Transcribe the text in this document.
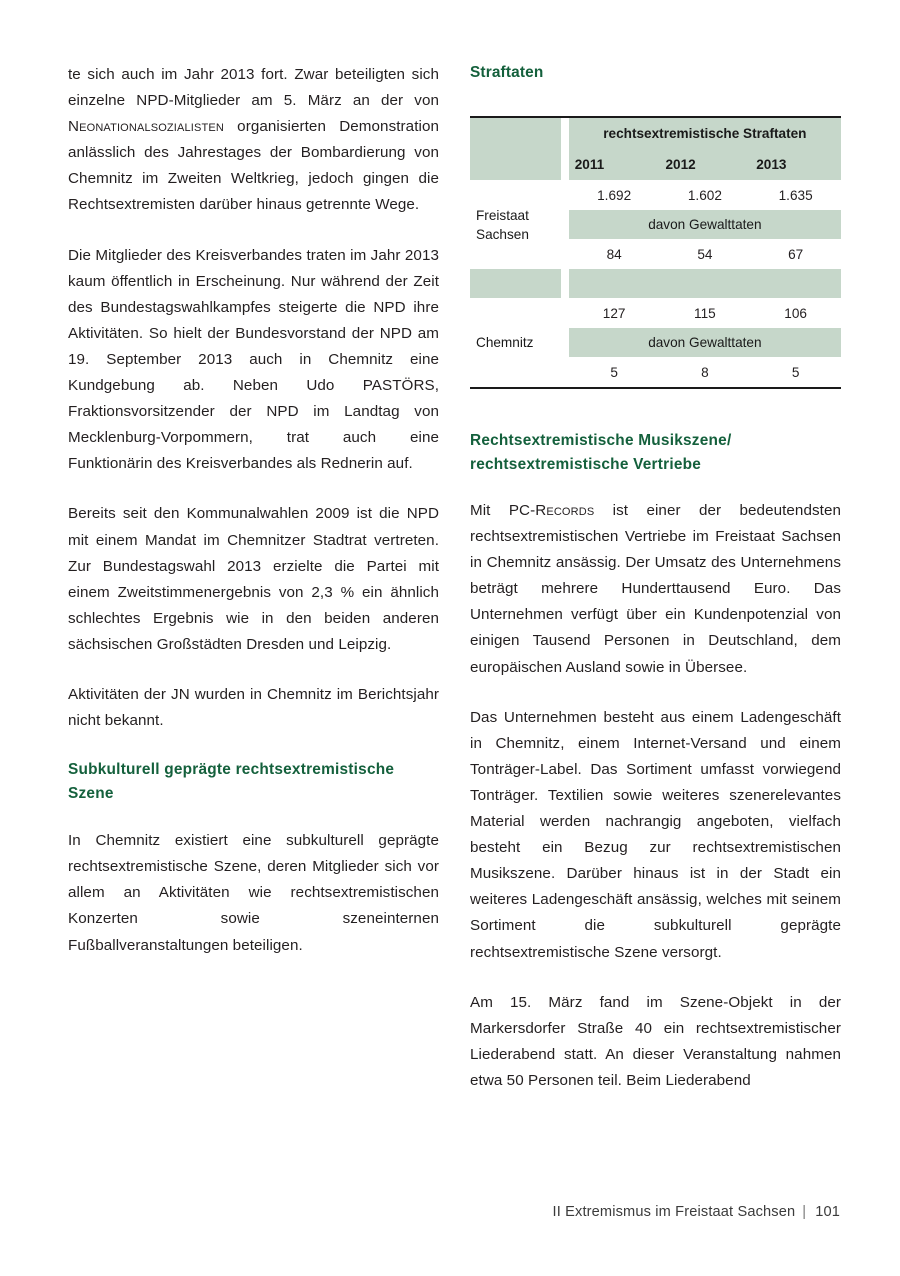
te sich auch im Jahr 2013 fort. Zwar beteiligten sich einzelne NPD-Mitglieder am 5. März an der von Neonationalsozialisten organisierten Demonstration anlässlich des Jahrestages der Bombardierung von Chemnitz im Zweiten Weltkrieg, jedoch gingen die Rechtsextremisten darüber hinaus getrennte Wege.

Die Mitglieder des Kreisverbandes traten im Jahr 2013 kaum öffentlich in Erscheinung. Nur während der Zeit des Bundestagswahlkampfes steigerte die NPD ihre Aktivitäten. So hielt der Bundesvorstand der NPD am 19. September 2013 auch in Chemnitz eine Kundgebung ab. Neben Udo PASTÖRS, Fraktionsvorsitzender der NPD im Landtag von Mecklenburg-Vorpommern, trat auch eine Funktionärin des Kreisverbandes als Rednerin auf.

Bereits seit den Kommunalwahlen 2009 ist die NPD mit einem Mandat im Chemnitzer Stadtrat vertreten. Zur Bundestagswahl 2013 erzielte die Partei mit einem Zweitstimmenergebnis von 2,3 % ein ähnlich schlechtes Ergebnis wie in den beiden anderen sächsischen Großstädten Dresden und Leipzig.

Aktivitäten der JN wurden in Chemnitz im Berichtsjahr nicht bekannt.

Subkulturell geprägte rechtsextremistische Szene

In Chemnitz existiert eine subkulturell geprägte rechtsextremistische Szene, deren Mitglieder sich vor allem an Aktivitäten wie rechtsextremistischen Konzerten sowie szeneinternen Fußballveranstaltungen beteiligen.

Straftaten
		rechtsextremistische Straftaten		
		2011	2012	2013
Freistaat
Sachsen		1.692	1.602	1.635
		davon Gewalttaten		
		84	54	67

Chemnitz		127	115	106
		davon Gewalttaten		
		5	8	5
Rechtsextremistische Musikszene/
rechtsextremistische Vertriebe

Mit PC-Records ist einer der bedeutendsten rechtsextremistischen Vertriebe im Freistaat Sachsen in Chemnitz ansässig. Der Umsatz des Unternehmens beträgt mehrere Hunderttausend Euro. Das Unternehmen verfügt über ein Kundenpotenzial von einigen Tausend Personen in Deutschland, dem europäischen Ausland sowie in Übersee.

Das Unternehmen besteht aus einem Ladengeschäft in Chemnitz, einem Internet-Versand und einem Tonträger-Label. Das Sortiment umfasst vorwiegend Tonträger. Textilien sowie weiteres szenerelevantes Material werden nachrangig angeboten, vielfach besteht ein Bezug zur rechtsextremistischen Musikszene. Darüber hinaus ist in der Stadt ein weiteres Ladengeschäft ansässig, welches mit seinem Sortiment die subkulturell geprägte rechtsextremistische Szene versorgt.

Am 15. März fand im Szene-Objekt in der Markersdorfer Straße 40 ein rechtsextremistischer Liederabend statt. An dieser Veranstaltung nahmen etwa 50 Personen teil. Beim Liederabend

II Extremismus im Freistaat Sachsen | 101
